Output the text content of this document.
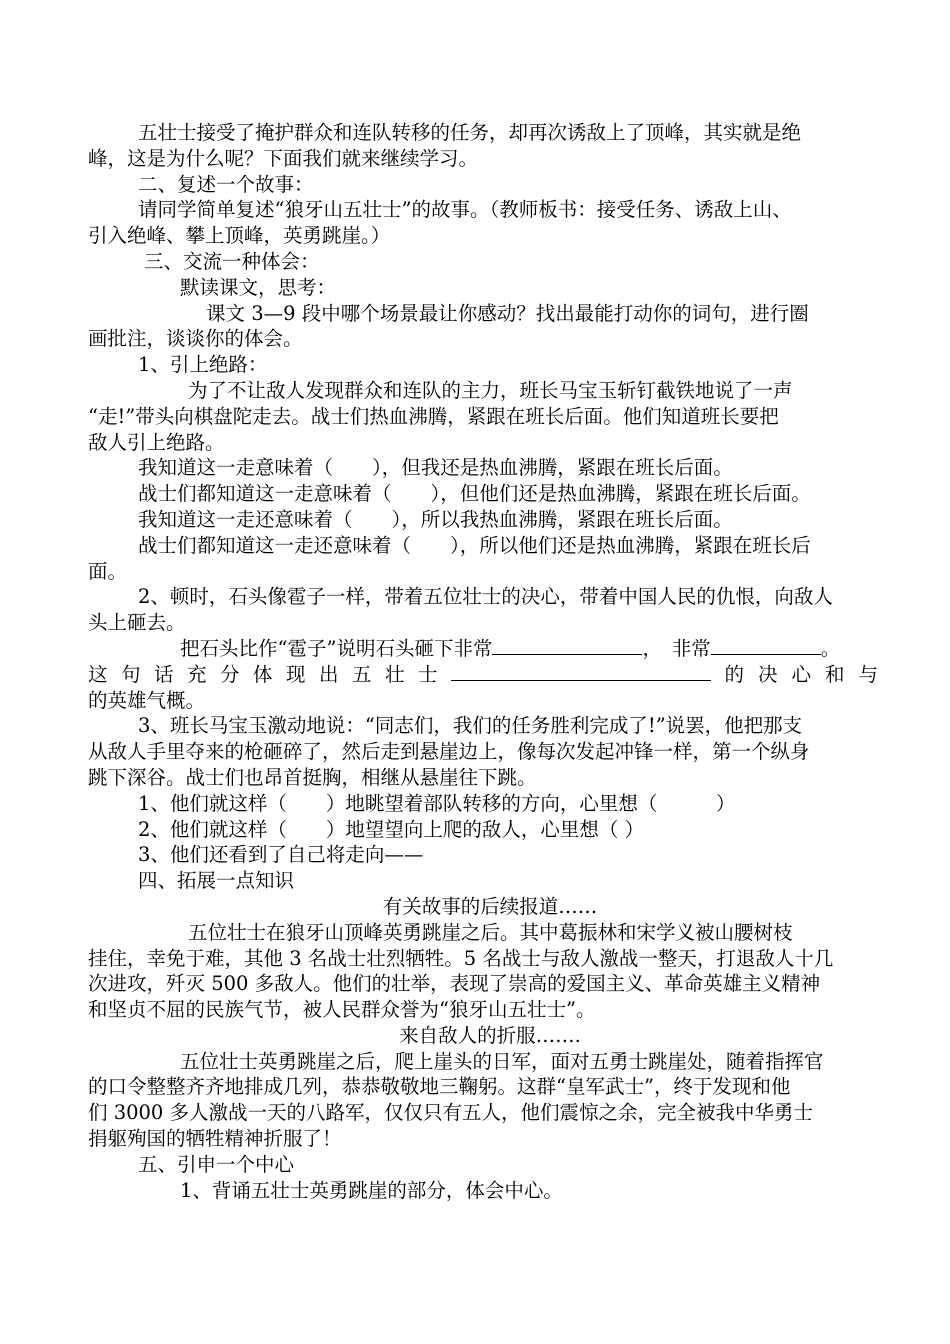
五壮士接受了掩护群众和连队转移的任务，却再次诱敌上了顶峰，其实就是绝
峰，这是为什么呢？下面我们就来继续学习。
二、复述一个故事：
请同学简单复述“狼牙山五壮士”的故事。（教师板书：接受任务、诱敌上山、
引入绝峰、攀上顶峰，英勇跳崖。）
三、交流一种体会：
默读课文，思考：
课文 3—9 段中哪个场景最让你感动？找出最能打动你的词句，进行圈
画批注，谈谈你的体会。
1、引上绝路：
为了不让敌人发现群众和连队的主力，班长马宝玉斩钉截铁地说了一声
“走!”带头向棋盘陀走去。战士们热血沸腾，紧跟在班长后面。他们知道班长要把
敌人引上绝路。
我知道这一走意味着（　　），但我还是热血沸腾，紧跟在班长后面。
战士们都知道这一走意味着（　　），但他们还是热血沸腾，紧跟在班长后面。
我知道这一走还意味着（　　），所以我热血沸腾，紧跟在班长后面。
战士们都知道这一走还意味着（　　），所以他们还是热血沸腾，紧跟在班长后
面。
2、顿时，石头像雹子一样，带着五位壮士的决心，带着中国人民的仇恨，向敌人
头上砸去。
把石头比作“雹子”说明石头砸下非常	，　非常	。
这 句 话 充 分 体 现 出 五 壮 士	的决心和与
的英雄气概。
3、班长马宝玉激动地说：“同志们，我们的任务胜利完成了!”说罢，他把那支
从敌人手里夺来的枪砸碎了，然后走到悬崖边上，像每次发起冲锋一样，第一个纵身
跳下深谷。战士们也昂首挺胸，相继从悬崖往下跳。
1、他们就这样（　　）地眺望着部队转移的方向，心里想（　　　）
2、他们就这样（　　）地望望向上爬的敌人，心里想（ ）
3、他们还看到了自己将走向——
四、拓展一点知识
有关故事的后续报道……
五位壮士在狼牙山顶峰英勇跳崖之后。其中葛振林和宋学义被山腰树枝
挂住，幸免于难，其他 3 名战士壮烈牺牲。5 名战士与敌人激战一整天，打退敌人十几
次进攻，歼灭 500 多敌人。他们的壮举，表现了崇高的爱国主义、革命英雄主义精神
和坚贞不屈的民族气节，被人民群众誉为“狼牙山五壮士”。
来自敌人的折服…….
五位壮士英勇跳崖之后，爬上崖头的日军，面对五勇士跳崖处，随着指挥官
的口令整整齐齐地排成几列，恭恭敬敬地三鞠躬。这群“皇军武士”，终于发现和他
们 3000 多人激战一天的八路军，仅仅只有五人，他们震惊之余，完全被我中华勇士
捐躯殉国的牺牲精神折服了！
五、引申一个中心
1、背诵五壮士英勇跳崖的部分，体会中心。
